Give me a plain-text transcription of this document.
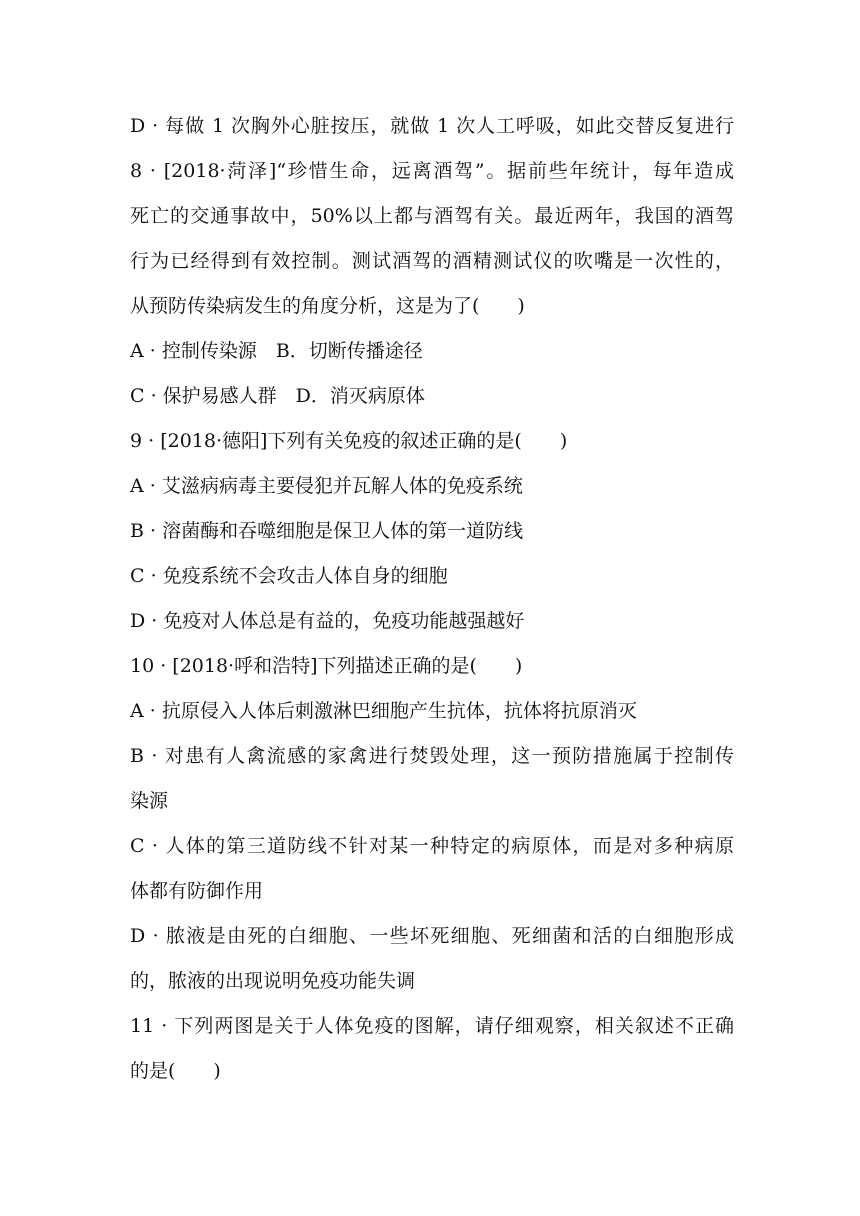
D · 每做 1 次胸外心脏按压，就做 1 次人工呼吸，如此交替反复进行
8 · [2018·菏泽]“珍惜生命，远离酒驾”。据前些年统计，每年造成
死亡的交通事故中，50%以上都与酒驾有关。最近两年，我国的酒驾
行为已经得到有效控制。测试酒驾的酒精测试仪的吹嘴是一次性的，
从预防传染病发生的角度分析，这是为了(　　)
A · 控制传染源　B．切断传播途径
C · 保护易感人群　D．消灭病原体
9 · [2018·德阳]下列有关免疫的叙述正确的是(　　)
A · 艾滋病病毒主要侵犯并瓦解人体的免疫系统
B · 溶菌酶和吞噬细胞是保卫人体的第一道防线
C · 免疫系统不会攻击人体自身的细胞
D · 免疫对人体总是有益的，免疫功能越强越好
10 · [2018·呼和浩特]下列描述正确的是(　　)
A · 抗原侵入人体后刺激淋巴细胞产生抗体，抗体将抗原消灭
B · 对患有人禽流感的家禽进行焚毁处理，这一预防措施属于控制传
染源
C · 人体的第三道防线不针对某一种特定的病原体，而是对多种病原
体都有防御作用
D · 脓液是由死的白细胞、一些坏死细胞、死细菌和活的白细胞形成
的，脓液的出现说明免疫功能失调
11 · 下列两图是关于人体免疫的图解，请仔细观察，相关叙述不正确
的是(　　)
